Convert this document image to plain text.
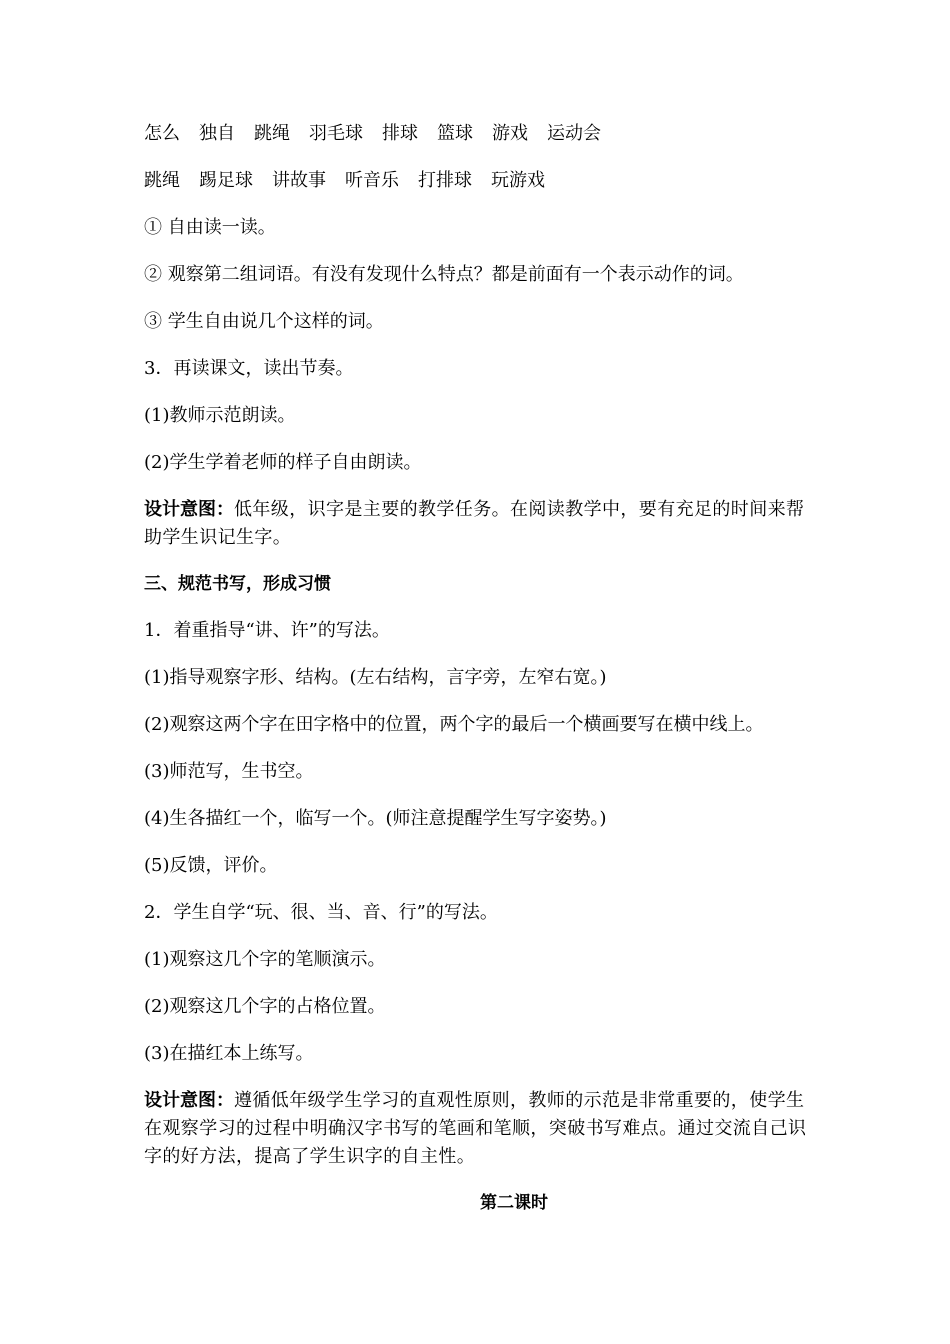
怎么 独自 跳绳 羽毛球 排球 篮球 游戏 运动会
跳绳 踢足球 讲故事 听音乐 打排球 玩游戏
① 自由读一读。
② 观察第二组词语。有没有发现什么特点？都是前面有一个表示动作的词。
③ 学生自由说几个这样的词。
3．再读课文，读出节奏。
(1)教师示范朗读。
(2)学生学着老师的样子自由朗读。
设计意图：低年级，识字是主要的教学任务。在阅读教学中，要有充足的时间来帮助学生识记生字。
三、规范书写，形成习惯
1．着重指导“讲、许”的写法。
(1)指导观察字形、结构。(左右结构，言字旁，左窄右宽。)
(2)观察这两个字在田字格中的位置，两个字的最后一个横画要写在横中线上。
(3)师范写，生书空。
(4)生各描红一个，临写一个。(师注意提醒学生写字姿势。)
(5)反馈，评价。
2．学生自学“玩、很、当、音、行”的写法。
(1)观察这几个字的笔顺演示。
(2)观察这几个字的占格位置。
(3)在描红本上练写。
设计意图：遵循低年级学生学习的直观性原则，教师的示范是非常重要的，使学生在观察学习的过程中明确汉字书写的笔画和笔顺，突破书写难点。通过交流自己识字的好方法，提高了学生识字的自主性。
第二课时
